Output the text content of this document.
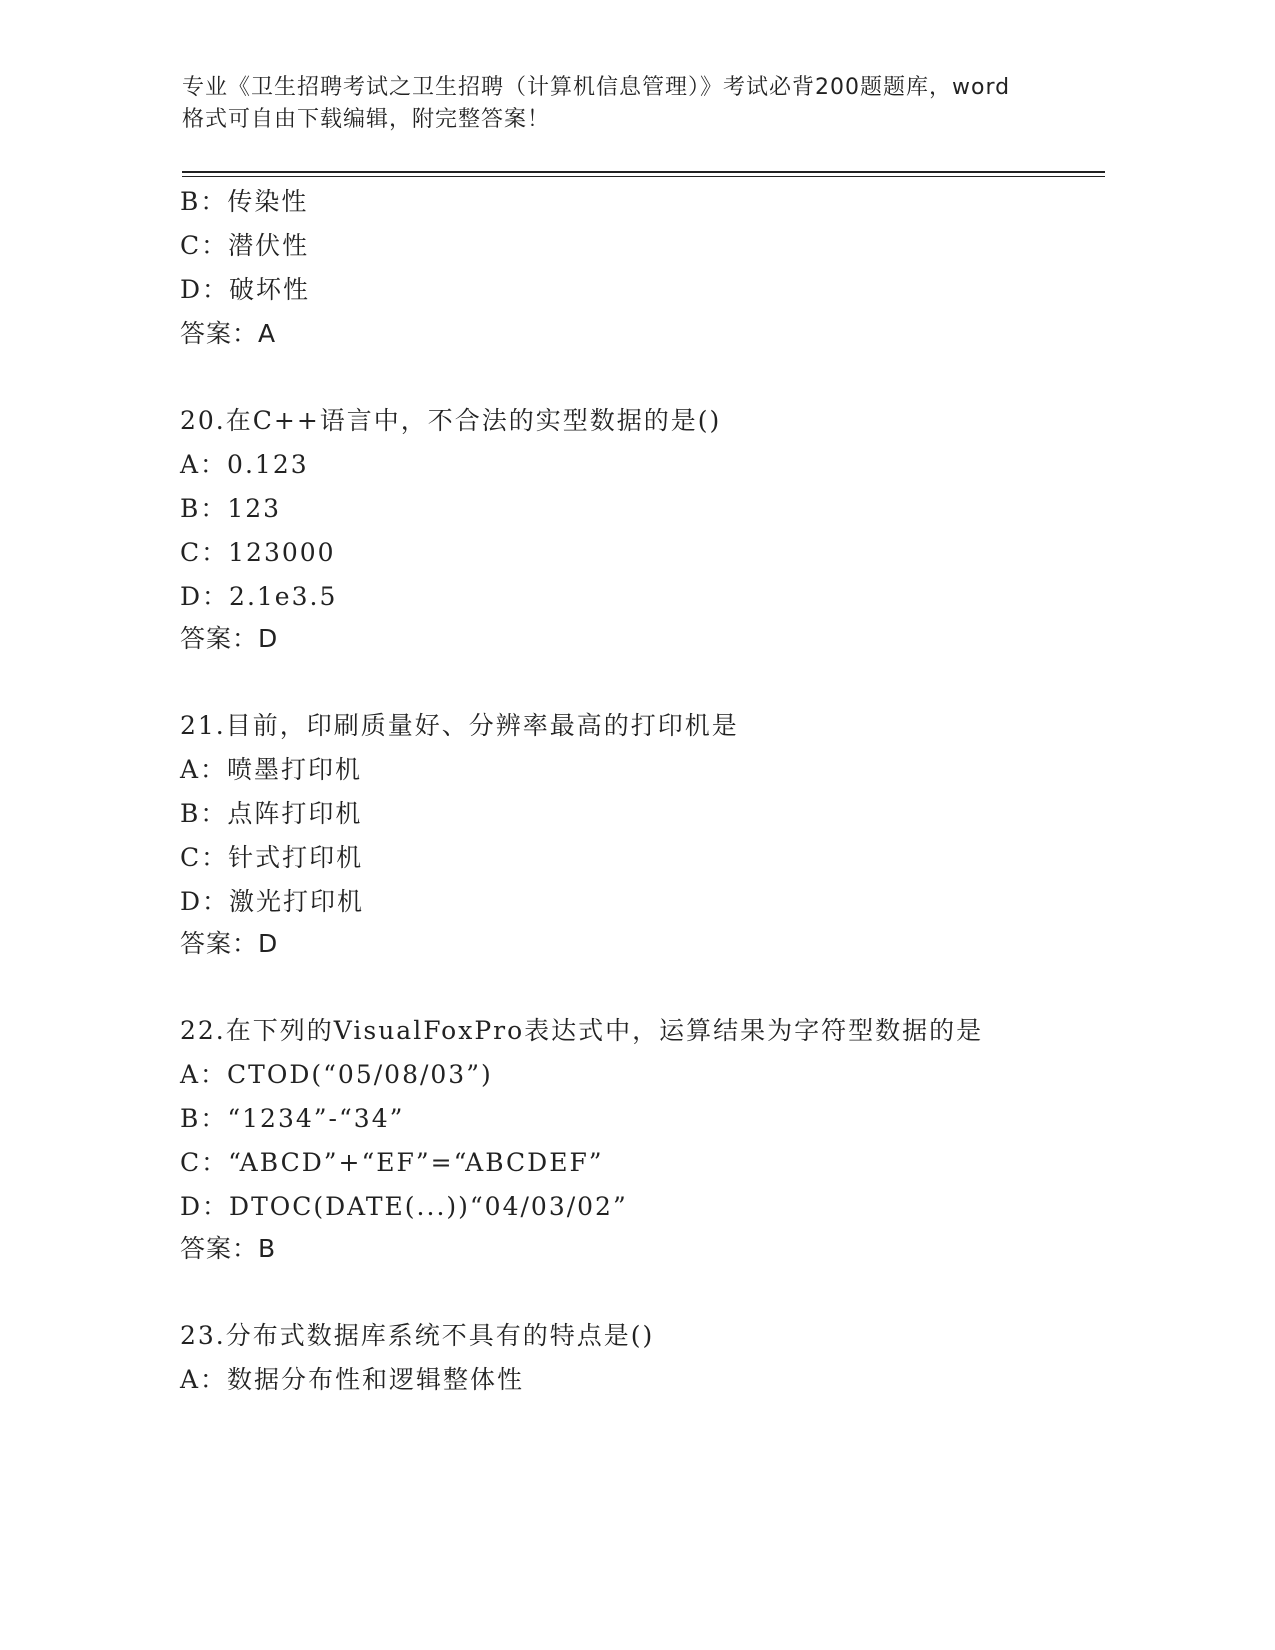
专业《卫生招聘考试之卫生招聘（计算机信息管理）》考试必背200题题库，word
格式可自由下载编辑，附完整答案！
B：传染性
C：潜伏性
D：破坏性
答案：A
20.在C++语言中，不合法的实型数据的是()
A：0.123
B：123
C：123000
D：2.1e3.5
答案：D
21.目前，印刷质量好、分辨率最高的打印机是
A：喷墨打印机
B：点阵打印机
C：针式打印机
D：激光打印机
答案：D
22.在下列的VisualFoxPro表达式中，运算结果为字符型数据的是
A：CTOD(“05/08/03”)
B：“1234”-“34”
C：“ABCD”+“EF”=“ABCDEF”
D：DTOC(DATE(...))“04/03/02”
答案：B
23.分布式数据库系统不具有的特点是()
A：数据分布性和逻辑整体性
